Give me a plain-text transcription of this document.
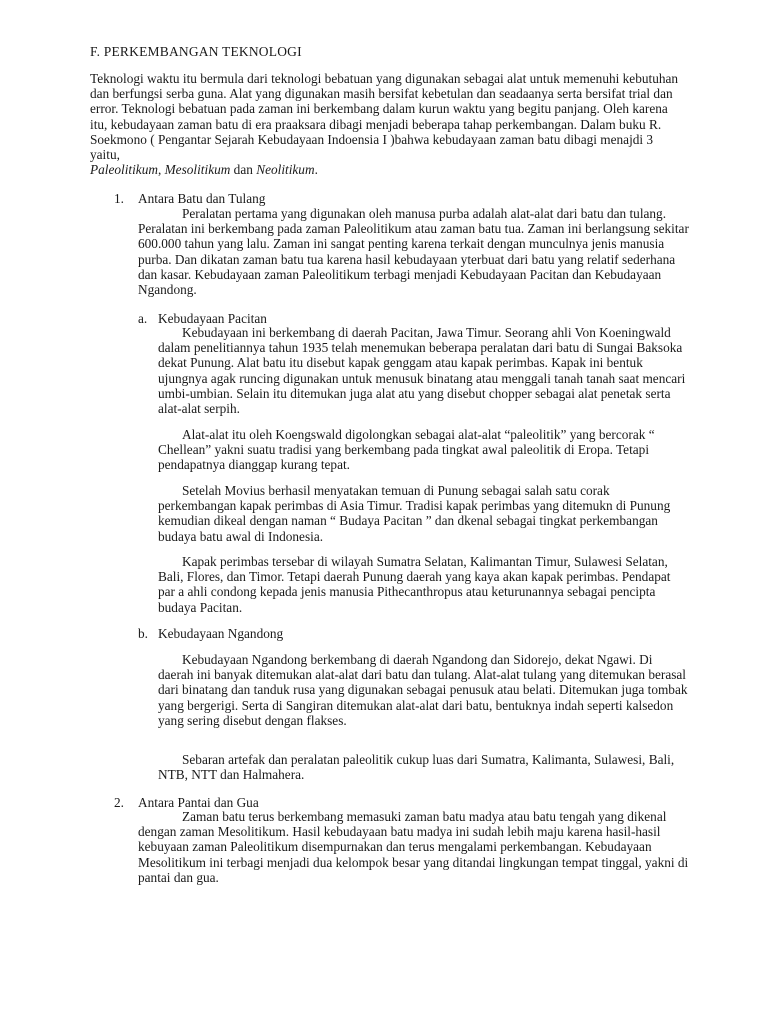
F. PERKEMBANGAN TEKNOLOGI

Teknologi waktu itu bermula dari teknologi bebatuan yang digunakan sebagai alat untuk memenuhi kebutuhan dan berfungsi serba guna. Alat yang digunakan masih bersifat kebetulan dan seadaanya serta bersifat trial dan error. Teknologi bebatuan pada zaman ini berkembang dalam kurun waktu yang begitu panjang. Oleh karena itu, kebudayaan zaman batu di era praaksara dibagi menjadi beberapa tahap perkembangan. Dalam buku R. Soekmono ( Pengantar Sejarah Kebudayaan Indoensia I )bahwa kebudayaan zaman batu dibagi menajdi 3 yaitu,
Paleolitikum, Mesolitikum dan Neolitikum.

1. Antara Batu dan Tulang

Peralatan pertama yang digunakan oleh manusa purba adalah alat-alat dari batu dan tulang. Peralatan ini berkembang pada zaman Paleolitikum atau zaman batu tua. Zaman ini berlangsung sekitar 600.000 tahun yang lalu. Zaman ini sangat penting karena terkait dengan munculnya jenis manusia purba. Dan dikatan zaman batu tua karena hasil kebudayaan yterbuat dari batu yang relatif sederhana dan kasar. Kebudayaan zaman Paleolitikum terbagi menjadi Kebudayaan Pacitan dan Kebudayaan Ngandong.

a. Kebudayaan Pacitan

Kebudayaan ini berkembang di daerah Pacitan, Jawa Timur. Seorang ahli Von Koeningwald dalam penelitiannya tahun 1935 telah menemukan beberapa peralatan dari batu di Sungai Baksoka dekat Punung. Alat batu itu disebut kapak genggam atau kapak perimbas. Kapak ini bentuk ujungnya agak runcing digunakan untuk menusuk binatang atau menggali tanah tanah saat mencari umbi-umbian. Selain itu ditemukan juga alat atu yang disebut chopper sebagai alat penetak serta alat-alat serpih.

Alat-alat itu oleh Koengswald digolongkan sebagai alat-alat “paleolitik” yang bercorak “ Chellean” yakni suatu tradisi yang berkembang pada tingkat awal paleolitik di Eropa. Tetapi pendapatnya dianggap kurang tepat.

Setelah Movius berhasil menyatakan temuan di Punung sebagai salah satu corak perkembangan kapak perimbas di Asia Timur. Tradisi kapak perimbas yang ditemukn di Punung kemudian dikeal dengan naman “ Budaya Pacitan ” dan dkenal sebagai tingkat perkembangan budaya batu awal di Indonesia.

Kapak perimbas tersebar di wilayah Sumatra Selatan, Kalimantan Timur, Sulawesi Selatan, Bali, Flores, dan Timor. Tetapi daerah Punung daerah yang kaya akan kapak perimbas. Pendapat par a ahli condong kepada jenis manusia Pithecanthropus atau keturunannya sebagai pencipta budaya Pacitan.

b. Kebudayaan Ngandong

Kebudayaan Ngandong berkembang di daerah Ngandong dan Sidorejo, dekat Ngawi. Di daerah ini banyak ditemukan alat-alat dari batu dan tulang. Alat-alat tulang yang ditemukan berasal dari binatang dan tanduk rusa yang digunakan sebagai penusuk atau belati. Ditemukan juga tombak yang bergerigi. Serta di Sangiran ditemukan alat-alat dari batu, bentuknya indah seperti kalsedon yang sering disebut dengan flakses.

Sebaran artefak dan peralatan paleolitik cukup luas dari Sumatra, Kalimanta, Sulawesi, Bali, NTB, NTT dan Halmahera.

2. Antara Pantai dan Gua

Zaman batu terus berkembang memasuki zaman batu madya atau batu tengah yang dikenal dengan zaman Mesolitikum. Hasil kebudayaan batu madya ini sudah lebih maju karena hasil-hasil kebuyaan zaman Paleolitikum disempurnakan dan terus mengalami perkembangan. Kebudayaan Mesolitikum ini terbagi menjadi dua kelompok besar yang ditandai lingkungan tempat tinggal, yakni di pantai dan gua.
